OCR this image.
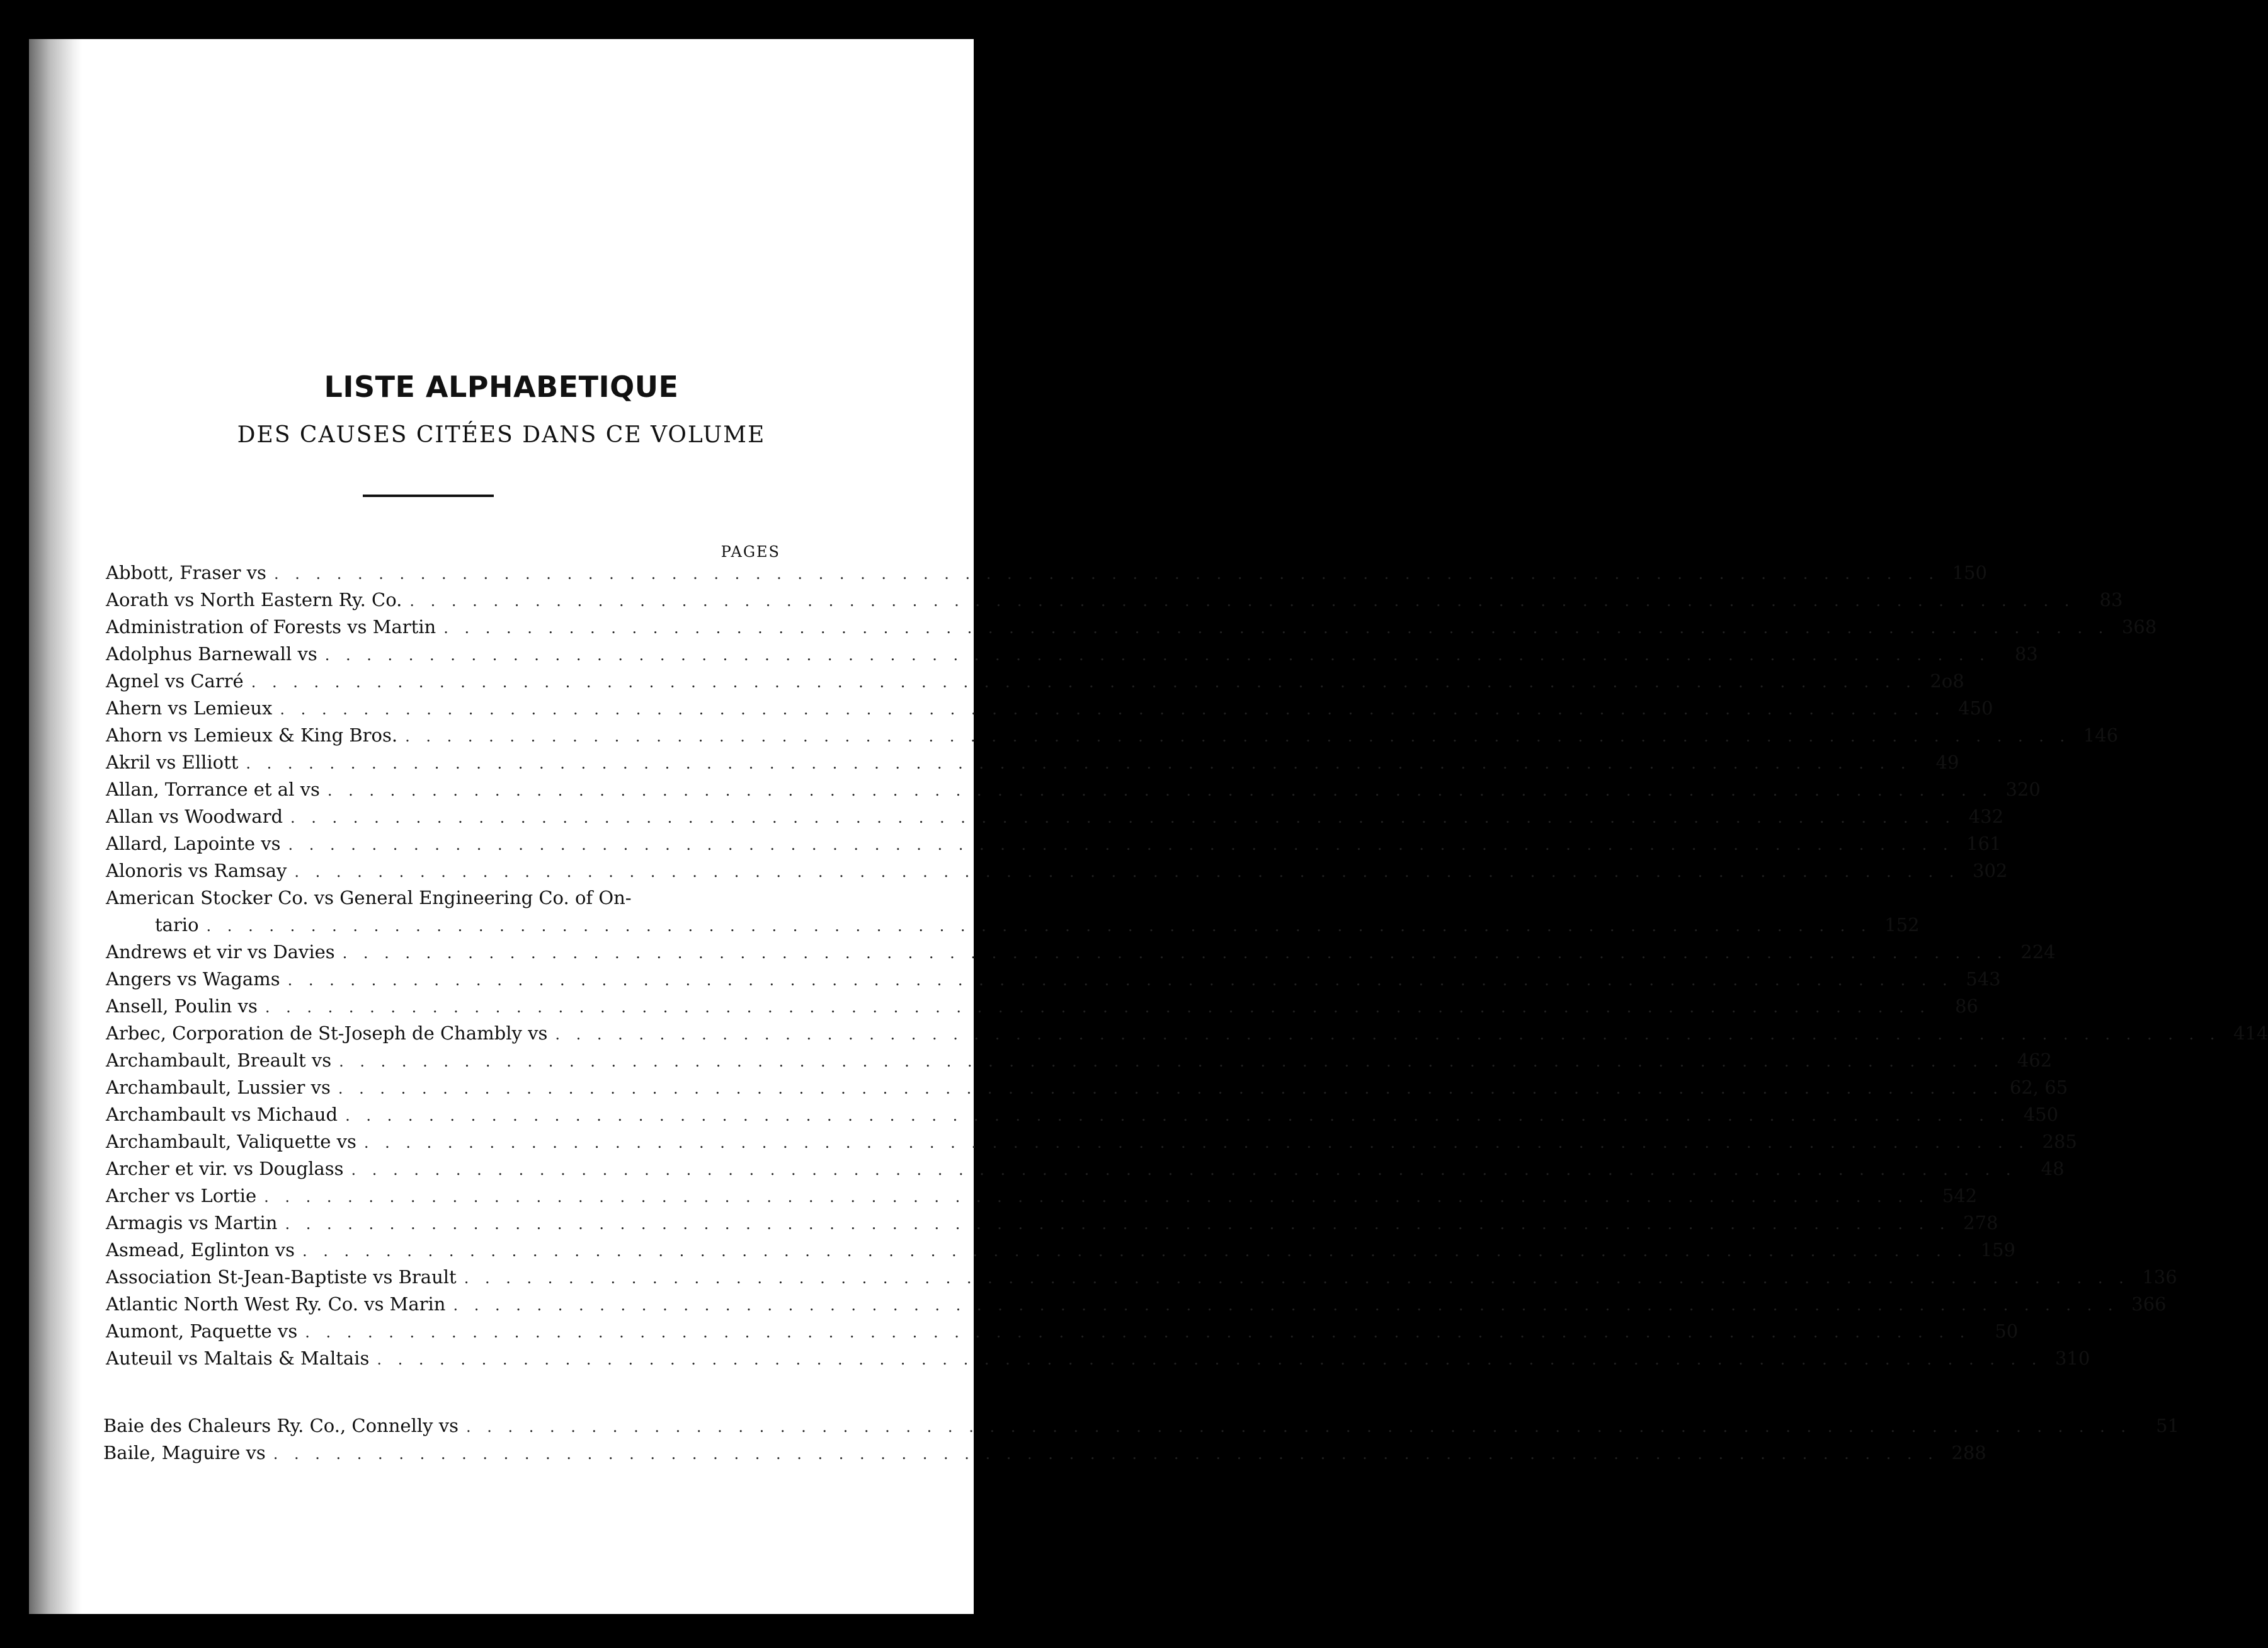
LISTE ALPHABETIQUE
DES CAUSES CITÉES DANS CE VOLUME
PAGES
Abbott, Fraser vs . . . . . . . . . . . . . . . . . . . . . . . . . . . . . . . . . . . . . . . . . . . . . . . . . . . . . . . . . . . . . . . . . . . . . . . . . . . . . . . . 150
Aorath vs North Eastern Ry. Co. . . . . . . . . . . . . . . . . . . . . . . . . . . . . . . . . . . . . . . . . . . . . . . . . . . . . . . . . . . . . . . . . . . . . . . . . . . . . . . . .	83
Administration of Forests vs Martin . . . . . . . . . . . . . . . . . . . . . . . . . . . . . . . . . . . . . . . . . . . . . . . . . . . . . . . . . . . . . . . . . . . . . . . . . . . . . . . . 368
Adolphus Barnewall vs . . . . . . . . . . . . . . . . . . . . . . . . . . . . . . . . . . . . . . . . . . . . . . . . . . . . . . . . . . . . . . . . . . . . . . . . . . . . . . . .	83
Agnel vs Carré . . . . . . . . . . . . . . . . . . . . . . . . . . . . . . . . . . . . . . . . . . . . . . . . . . . . . . . . . . . . . . . . . . . . . . . . . . . . . . . . 2o8
Ahern vs Lemieux . . . . . . . . . . . . . . . . . . . . . . . . . . . . . . . . . . . . . . . . . . . . . . . . . . . . . . . . . . . . . . . . . . . . . . . . . . . . . . . . 450
Ahorn vs Lemieux & King Bros. . . . . . . . . . . . . . . . . . . . . . . . . . . . . . . . . . . . . . . . . . . . . . . . . . . . . . . . . . . . . . . . . . . . . . . . . . . . . . . . . 146
Akril vs Elliott . . . . . . . . . . . . . . . . . . . . . . . . . . . . . . . . . . . . . . . . . . . . . . . . . . . . . . . . . . . . . . . . . . . . . . . . . . . . . . . .	49
Allan, Torrance et al vs . . . . . . . . . . . . . . . . . . . . . . . . . . . . . . . . . . . . . . . . . . . . . . . . . . . . . . . . . . . . . . . . . . . . . . . . . . . . . . . . 320
Allan vs Woodward . . . . . . . . . . . . . . . . . . . . . . . . . . . . . . . . . . . . . . . . . . . . . . . . . . . . . . . . . . . . . . . . . . . . . . . . . . . . . . . . 432
Allard, Lapointe vs . . . . . . . . . . . . . . . . . . . . . . . . . . . . . . . . . . . . . . . . . . . . . . . . . . . . . . . . . . . . . . . . . . . . . . . . . . . . . . . . 161
Alonoris vs Ramsay . . . . . . . . . . . . . . . . . . . . . . . . . . . . . . . . . . . . . . . . . . . . . . . . . . . . . . . . . . . . . . . . . . . . . . . . . . . . . . . . 302
American Stocker Co. vs General Engineering Co. of On-
tario . . . . . . . . . . . . . . . . . . . . . . . . . . . . . . . . . . . . . . . . . . . . . . . . . . . . . . . . . . . . . . . . . . . . . . . . . . . . . . . . 152
Andrews et vir vs Davies . . . . . . . . . . . . . . . . . . . . . . . . . . . . . . . . . . . . . . . . . . . . . . . . . . . . . . . . . . . . . . . . . . . . . . . . . . . . . . . . 224
Angers vs Wagams . . . . . . . . . . . . . . . . . . . . . . . . . . . . . . . . . . . . . . . . . . . . . . . . . . . . . . . . . . . . . . . . . . . . . . . . . . . . . . . . 543
Ansell, Poulin vs . . . . . . . . . . . . . . . . . . . . . . . . . . . . . . . . . . . . . . . . . . . . . . . . . . . . . . . . . . . . . . . . . . . . . . . . . . . . . . . .	86
Arbec, Corporation de St-Joseph de Chambly vs . . . . . . . . . . . . . . . . . . . . . . . . . . . . . . . . . . . . . . . . . . . . . . . . . . . . . . . . . . . . . . . . . . . . . . . . . . . . . . . . 414
Archambault, Breault vs . . . . . . . . . . . . . . . . . . . . . . . . . . . . . . . . . . . . . . . . . . . . . . . . . . . . . . . . . . . . . . . . . . . . . . . . . . . . . . . . 462
Archambault, Lussier vs . . . . . . . . . . . . . . . . . . . . . . . . . . . . . . . . . . . . . . . . . . . . . . . . . . . . . . . . . . . . . . . . . . . . . . . . . . . . . . . . 62, 65
Archambault vs Michaud . . . . . . . . . . . . . . . . . . . . . . . . . . . . . . . . . . . . . . . . . . . . . . . . . . . . . . . . . . . . . . . . . . . . . . . . . . . . . . . . 450
Archambault, Valiquette vs . . . . . . . . . . . . . . . . . . . . . . . . . . . . . . . . . . . . . . . . . . . . . . . . . . . . . . . . . . . . . . . . . . . . . . . . . . . . . . . . 285
Archer et vir. vs Douglass . . . . . . . . . . . . . . . . . . . . . . . . . . . . . . . . . . . . . . . . . . . . . . . . . . . . . . . . . . . . . . . . . . . . . . . . . . . . . . . .	48
Archer vs Lortie . . . . . . . . . . . . . . . . . . . . . . . . . . . . . . . . . . . . . . . . . . . . . . . . . . . . . . . . . . . . . . . . . . . . . . . . . . . . . . . . 542
Armagis vs Martin . . . . . . . . . . . . . . . . . . . . . . . . . . . . . . . . . . . . . . . . . . . . . . . . . . . . . . . . . . . . . . . . . . . . . . . . . . . . . . . . 278
Asmead, Eglinton vs . . . . . . . . . . . . . . . . . . . . . . . . . . . . . . . . . . . . . . . . . . . . . . . . . . . . . . . . . . . . . . . . . . . . . . . . . . . . . . . . 159
Association St-Jean-Baptiste vs Brault . . . . . . . . . . . . . . . . . . . . . . . . . . . . . . . . . . . . . . . . . . . . . . . . . . . . . . . . . . . . . . . . . . . . . . . . . . . . . . . . 136
Atlantic North West Ry. Co. vs Marin . . . . . . . . . . . . . . . . . . . . . . . . . . . . . . . . . . . . . . . . . . . . . . . . . . . . . . . . . . . . . . . . . . . . . . . . . . . . . . . . 366
Aumont, Paquette vs . . . . . . . . . . . . . . . . . . . . . . . . . . . . . . . . . . . . . . . . . . . . . . . . . . . . . . . . . . . . . . . . . . . . . . . . . . . . . . . .	50
Auteuil vs Maltais & Maltais . . . . . . . . . . . . . . . . . . . . . . . . . . . . . . . . . . . . . . . . . . . . . . . . . . . . . . . . . . . . . . . . . . . . . . . . . . . . . . . . 310
Baie des Chaleurs Ry. Co., Connelly vs . . . . . . . . . . . . . . . . . . . . . . . . . . . . . . . . . . . . . . . . . . . . . . . . . . . . . . . . . . . . . . . . . . . . . . . . . . . . . . . .	51
Baile, Maguire vs . . . . . . . . . . . . . . . . . . . . . . . . . . . . . . . . . . . . . . . . . . . . . . . . . . . . . . . . . . . . . . . . . . . . . . . . . . . . . . . . 288
